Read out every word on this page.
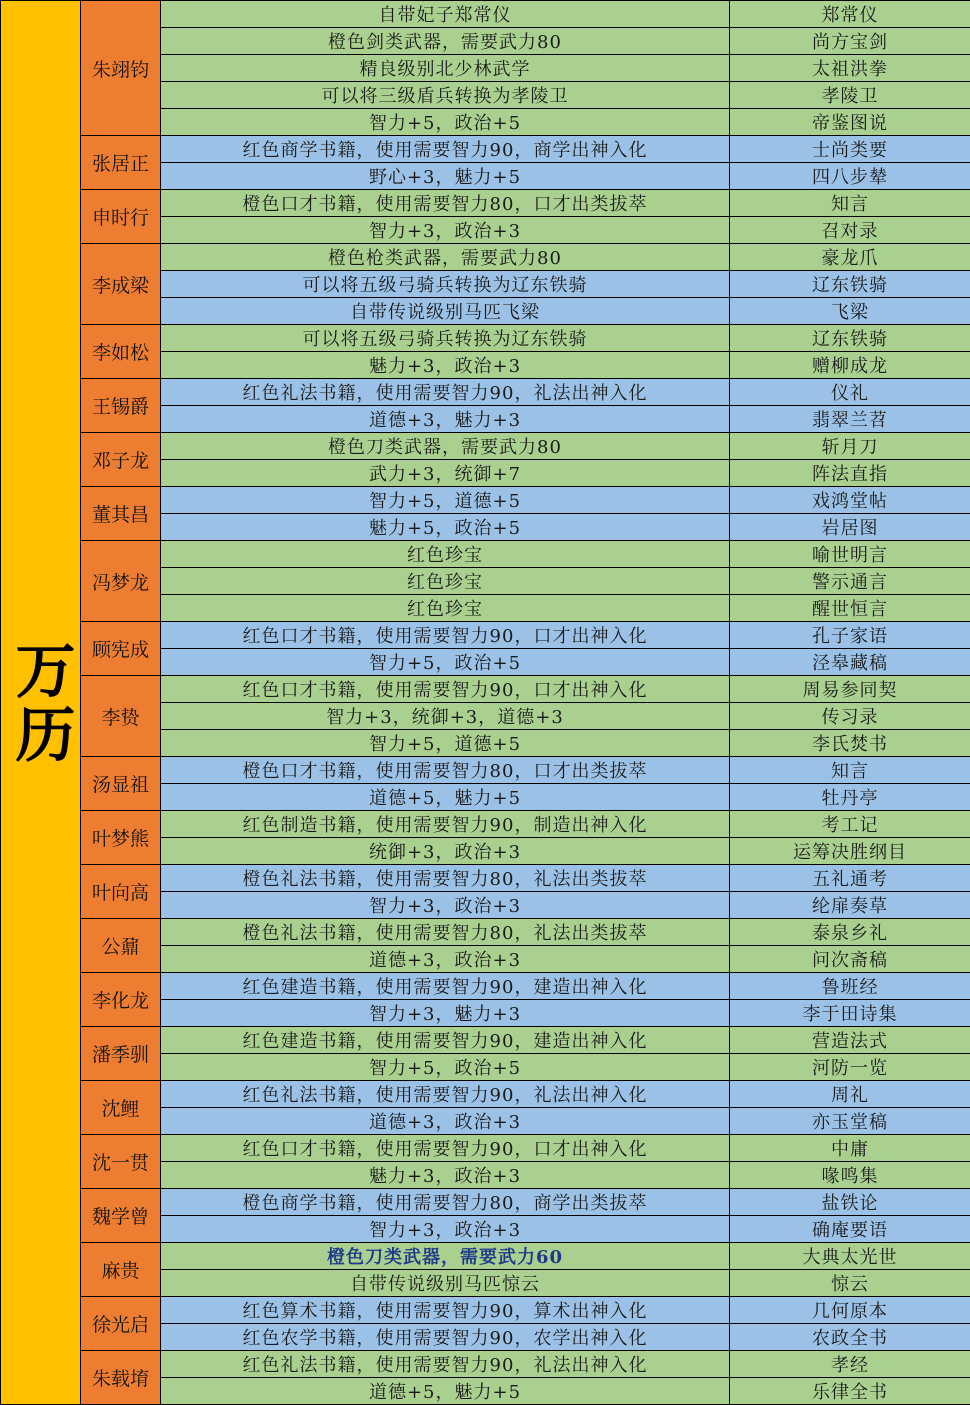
万历
朱翊钧
自带妃子郑常仪	郑常仪
橙色剑类武器，需要武力80	尚方宝剑
精良级别北少林武学	太祖洪拳
可以将三级盾兵转换为孝陵卫	孝陵卫
智力+5，政治+5	帝鉴图说
张居正
红色商学书籍，使用需要智力90，商学出神入化	士尚类要
野心+3，魅力+5	四八步辇
申时行
橙色口才书籍，使用需要智力80，口才出类拔萃	知言
智力+3，政治+3	召对录
李成梁
橙色枪类武器，需要武力80	豪龙爪
可以将五级弓骑兵转换为辽东铁骑	辽东铁骑
自带传说级别马匹飞梁	飞梁
李如松
可以将五级弓骑兵转换为辽东铁骑	辽东铁骑
魅力+3，政治+3	赠柳成龙
王锡爵
红色礼法书籍，使用需要智力90，礼法出神入化	仪礼
道德+3，魅力+3	翡翠兰苕
邓子龙
橙色刀类武器，需要武力80	斩月刀
武力+3，统御+7	阵法直指
董其昌
智力+5，道德+5	戏鸿堂帖
魅力+5，政治+5	岩居图
冯梦龙
红色珍宝	喻世明言
红色珍宝	警示通言
红色珍宝	醒世恒言
顾宪成
红色口才书籍，使用需要智力90，口才出神入化	孔子家语
智力+5，政治+5	泾皋藏稿
李贽
红色口才书籍，使用需要智力90，口才出神入化	周易参同契
智力+3，统御+3，道德+3	传习录
智力+5，道德+5	李氏焚书
汤显祖
橙色口才书籍，使用需要智力80，口才出类拔萃	知言
道德+5，魅力+5	牡丹亭
叶梦熊
红色制造书籍，使用需要智力90，制造出神入化	考工记
统御+3，政治+3	运筹决胜纲目
叶向高
橙色礼法书籍，使用需要智力80，礼法出类拔萃	五礼通考
智力+3，政治+3	纶扉奏草
公鼐
橙色礼法书籍，使用需要智力80，礼法出类拔萃	泰泉乡礼
道德+3，政治+3	问次斋稿
李化龙
红色建造书籍，使用需要智力90，建造出神入化	鲁班经
智力+3，魅力+3	李于田诗集
潘季驯
红色建造书籍，使用需要智力90，建造出神入化	营造法式
智力+5，政治+5	河防一览
沈鲤
红色礼法书籍，使用需要智力90，礼法出神入化	周礼
道德+3，政治+3	亦玉堂稿
沈一贯
红色口才书籍，使用需要智力90，口才出神入化	中庸
魅力+3，政治+3	喙鸣集
魏学曾
橙色商学书籍，使用需要智力80，商学出类拔萃	盐铁论
智力+3，政治+3	确庵要语
麻贵
橙色刀类武器，需要武力60	大典太光世
自带传说级别马匹惊云	惊云
徐光启
红色算术书籍，使用需要智力90，算术出神入化	几何原本
红色农学书籍，使用需要智力90，农学出神入化	农政全书
朱载堉
红色礼法书籍，使用需要智力90，礼法出神入化	孝经
道德+5，魅力+5	乐律全书
